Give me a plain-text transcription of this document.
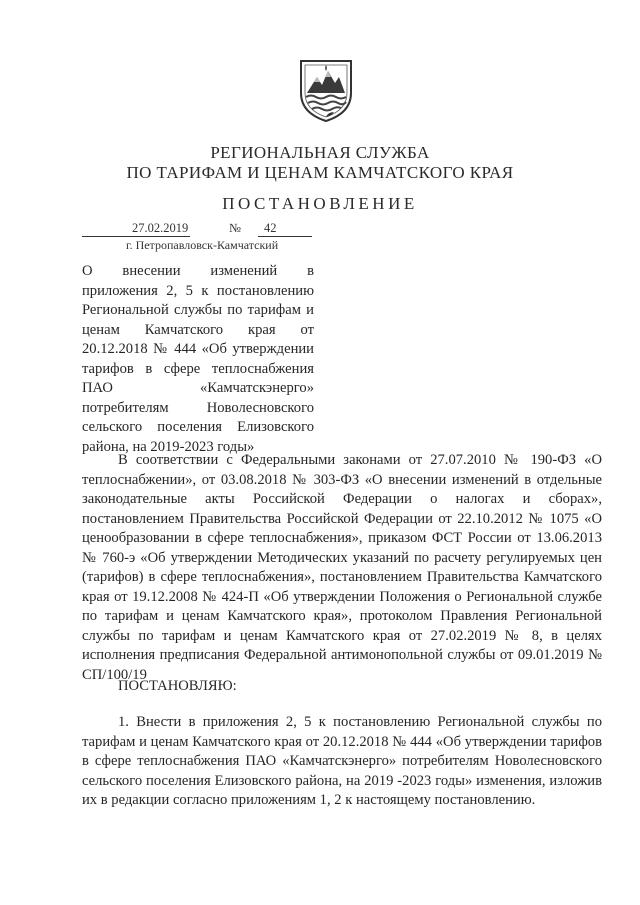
РЕГИОНАЛЬНАЯ СЛУЖБА
ПО ТАРИФАМ И ЦЕНАМ КАМЧАТСКОГО КРАЯ
ПОСТАНОВЛЕНИЕ
27.02.2019	№ 42
г. Петропавловск-Камчатский
О внесении изменений в приложения 2, 5 к постановлению Региональной службы по тарифам и ценам Камчатского края от 20.12.2018 № 444 «Об утверждении тарифов в сфере теплоснабжения ПАО «Камчатскэнерго» потребителям Новолесновского сельского поселения Елизовского района, на 2019-2023 годы»
В соответствии с Федеральными законами от 27.07.2010 № 190-ФЗ «О теплоснабжении», от 03.08.2018 № 303-ФЗ «О внесении изменений в отдельные законодательные акты Российской Федерации о налогах и сборах», постановлением Правительства Российской Федерации от 22.10.2012 № 1075 «О ценообразовании в сфере теплоснабжения», приказом ФСТ России от 13.06.2013 № 760-э «Об утверждении Методических указаний по расчету регулируемых цен (тарифов) в сфере теплоснабжения», постановлением Правительства Камчатского края от 19.12.2008 № 424-П «Об утверждении Положения о Региональной службе по тарифам и ценам Камчатского края», протоколом Правления Региональной службы по тарифам и ценам Камчатского края от 27.02.2019 № 8, в целях исполнения предписания Федеральной антимонопольной службы от 09.01.2019 № СП/100/19
ПОСТАНОВЛЯЮ:
1. Внести в приложения 2, 5 к постановлению Региональной службы по тарифам и ценам Камчатского края от 20.12.2018 № 444 «Об утверждении тарифов в сфере теплоснабжения ПАО «Камчатскэнерго» потребителям Новолесновского сельского поселения Елизовского района, на 2019 -2023 годы» изменения, изложив их в редакции согласно приложениям 1, 2 к настоящему постановлению.
